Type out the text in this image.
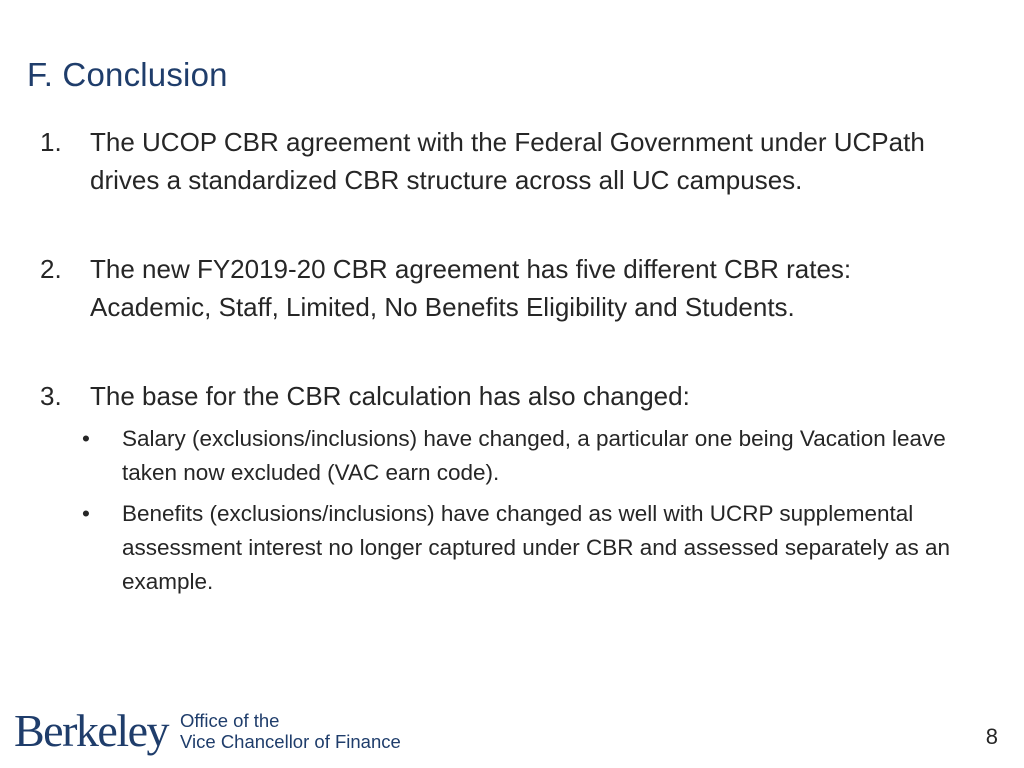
F. Conclusion
1. The UCOP CBR agreement with the Federal Government under UCPath drives a standardized CBR structure across all UC campuses.
2. The new FY2019-20 CBR agreement has five different CBR rates: Academic, Staff, Limited, No Benefits Eligibility and Students.
3. The base for the CBR calculation has also changed:
• Salary (exclusions/inclusions) have changed, a particular one being Vacation leave taken now excluded (VAC earn code).
• Benefits (exclusions/inclusions) have changed as well with UCRP supplemental assessment interest no longer captured under CBR and assessed separately as an example.
Berkeley Office of the
Vice Chancellor of Finance	8
